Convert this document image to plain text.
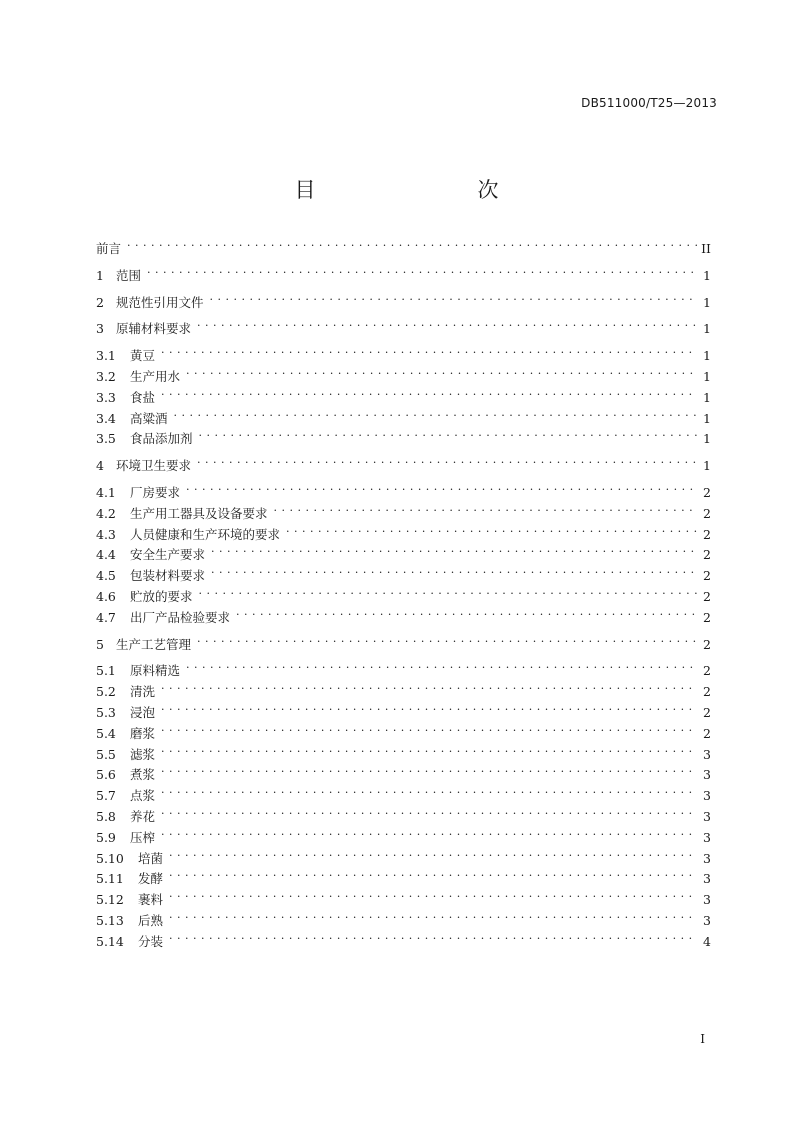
DB511000/T25—2013
目　　次
前言 . . .	II
1 范围 . . .	1
2 规范性引用文件 . . .	1
3 原辅材料要求 . . .	1
3.1	黄豆 . . .	1
3.2	生产用水 . . .	1
3.3	食盐 . . .	1
3.4	高粱酒 . . .	1
3.5	食品添加剂 . . .	1
4 环境卫生要求 . . .	1
4.1	厂房要求 . . .	2
4.2	生产用工器具及设备要求 . . .	2
4.3	人员健康和生产环境的要求 . . .	2
4.4	安全生产要求 . . .	2
4.5	包装材料要求 . . .	2
4.6	贮放的要求 . . .	2
4.7	出厂产品检验要求 . . .	2
5 生产工艺管理 . . .	2
5.1	原料精选 . . .	2
5.2	清洗 . . .	2
5.3	浸泡 . . .	2
5.4	磨浆 . . .	2
5.5	滤浆 . . .	3
5.6	煮浆 . . .	3
5.7	点浆 . . .	3
5.8	养花 . . .	3
5.9	压榨 . . .	3
5.10	培菌 . . .	3
5.11	发酵 . . .	3
5.12	裹料 . . .	3
5.13	后熟 . . .	3
5.14	分装 . . .	4
I
